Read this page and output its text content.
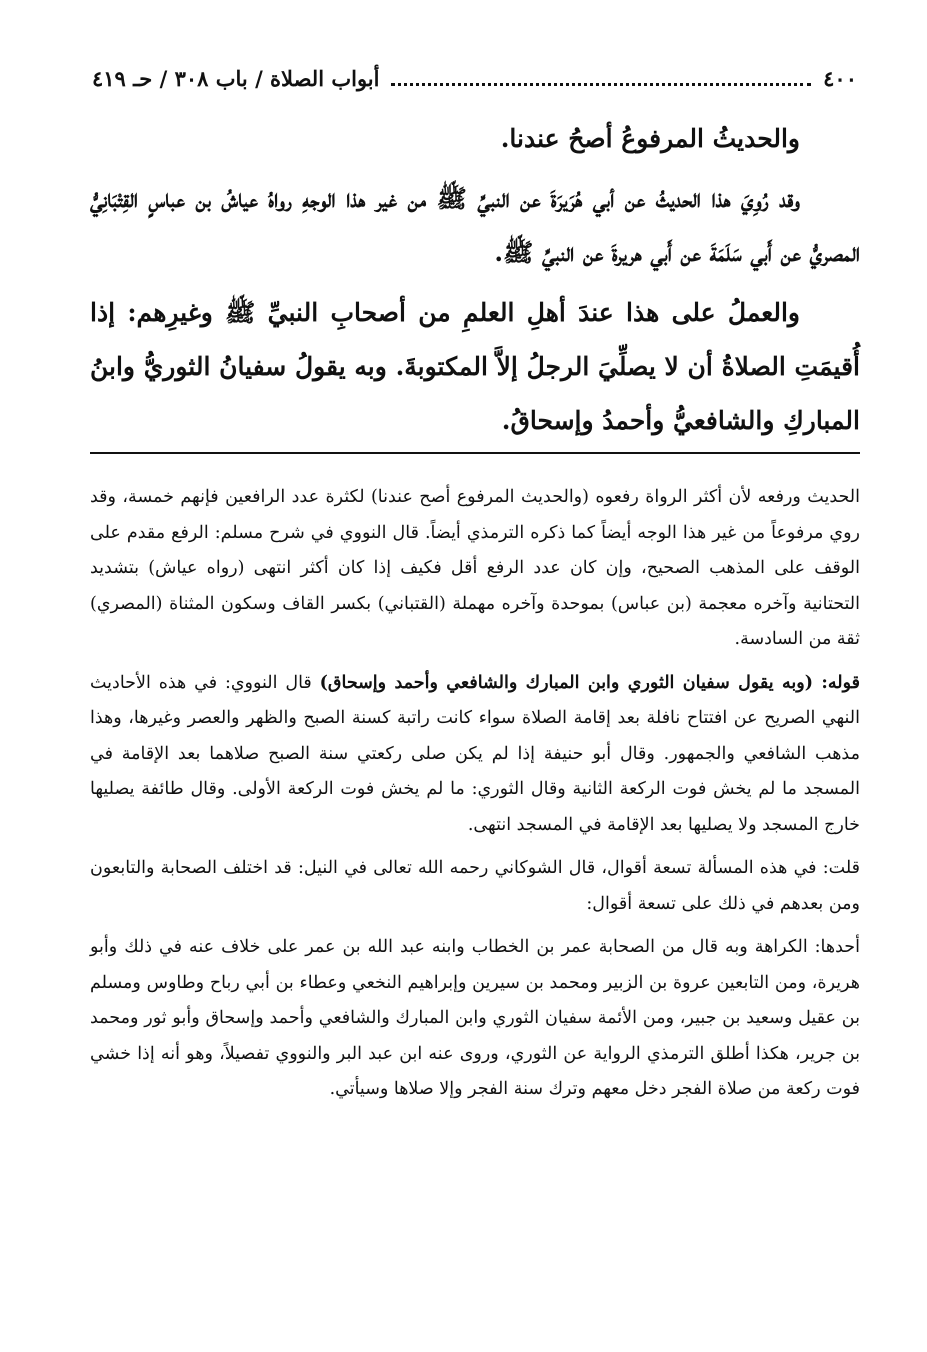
٤٠٠
أبواب الصلاة / باب ٣٠٨ / حـ ٤١٩

والحديثُ المرفوعُ أصحُ عندنا.

وقد رُوِيَ هذا الحديثُ عن أبي هُرَيرَةَ عن النبيِّ ﷺ من غير هذا الوجهِ رواهُ عياشُ بن عباسٍ القِتْبَانِيُّ المصريُّ عن أَبي سَلَمَةَ عن أَبي هريرةَ عن النبيِّ ﷺ.

والعملُ على هذا عندَ أهلِ العلمِ من أصحابِ النبيِّ ﷺ وغيرِهم: إذا أُقيمَتِ الصلاةُ أن لا يصلِّيَ الرجلُ إلاَّ المكتوبةَ. وبه يقولُ سفيانُ الثوريُّ وابنُ المباركِ والشافعيُّ وأحمدُ وإسحاقُ.

الحديث ورفعه لأن أكثر الرواة رفعوه (والحديث المرفوع أصح عندنا) لكثرة عدد الرافعين فإنهم خمسة، وقد روي مرفوعاً من غير هذا الوجه أيضاً كما ذكره الترمذي أيضاً. قال النووي في شرح مسلم: الرفع مقدم على الوقف على المذهب الصحيح، وإن كان عدد الرفع أقل فكيف إذا كان أكثر انتهى (رواه عياش) بتشديد التحتانية وآخره معجمة (بن عباس) بموحدة وآخره مهملة (القتباني) بكسر القاف وسكون المثناة (المصري) ثقة من السادسة.

قوله: (وبه يقول سفيان الثوري وابن المبارك والشافعي وأحمد وإسحاق) قال النووي: في هذه الأحاديث النهي الصريح عن افتتاح نافلة بعد إقامة الصلاة سواء كانت راتبة كسنة الصبح والظهر والعصر وغيرها، وهذا مذهب الشافعي والجمهور. وقال أبو حنيفة إذا لم يكن صلى ركعتي سنة الصبح صلاهما بعد الإقامة في المسجد ما لم يخش فوت الركعة الثانية وقال الثوري: ما لم يخش فوت الركعة الأولى. وقال طائفة يصليها خارج المسجد ولا يصليها بعد الإقامة في المسجد انتهى.

قلت: في هذه المسألة تسعة أقوال، قال الشوكاني رحمه الله تعالى في النيل: قد اختلف الصحابة والتابعون ومن بعدهم في ذلك على تسعة أقوال:

أحدها: الكراهة وبه قال من الصحابة عمر بن الخطاب وابنه عبد الله بن عمر على خلاف عنه في ذلك وأبو هريرة، ومن التابعين عروة بن الزبير ومحمد بن سيرين وإبراهيم النخعي وعطاء بن أبي رباح وطاوس ومسلم بن عقيل وسعيد بن جبير، ومن الأئمة سفيان الثوري وابن المبارك والشافعي وأحمد وإسحاق وأبو ثور ومحمد بن جرير، هكذا أطلق الترمذي الرواية عن الثوري، وروى عنه ابن عبد البر والنووي تفصيلاً، وهو أنه إذا خشي فوت ركعة من صلاة الفجر دخل معهم وترك سنة الفجر وإلا صلاها وسيأتي.
